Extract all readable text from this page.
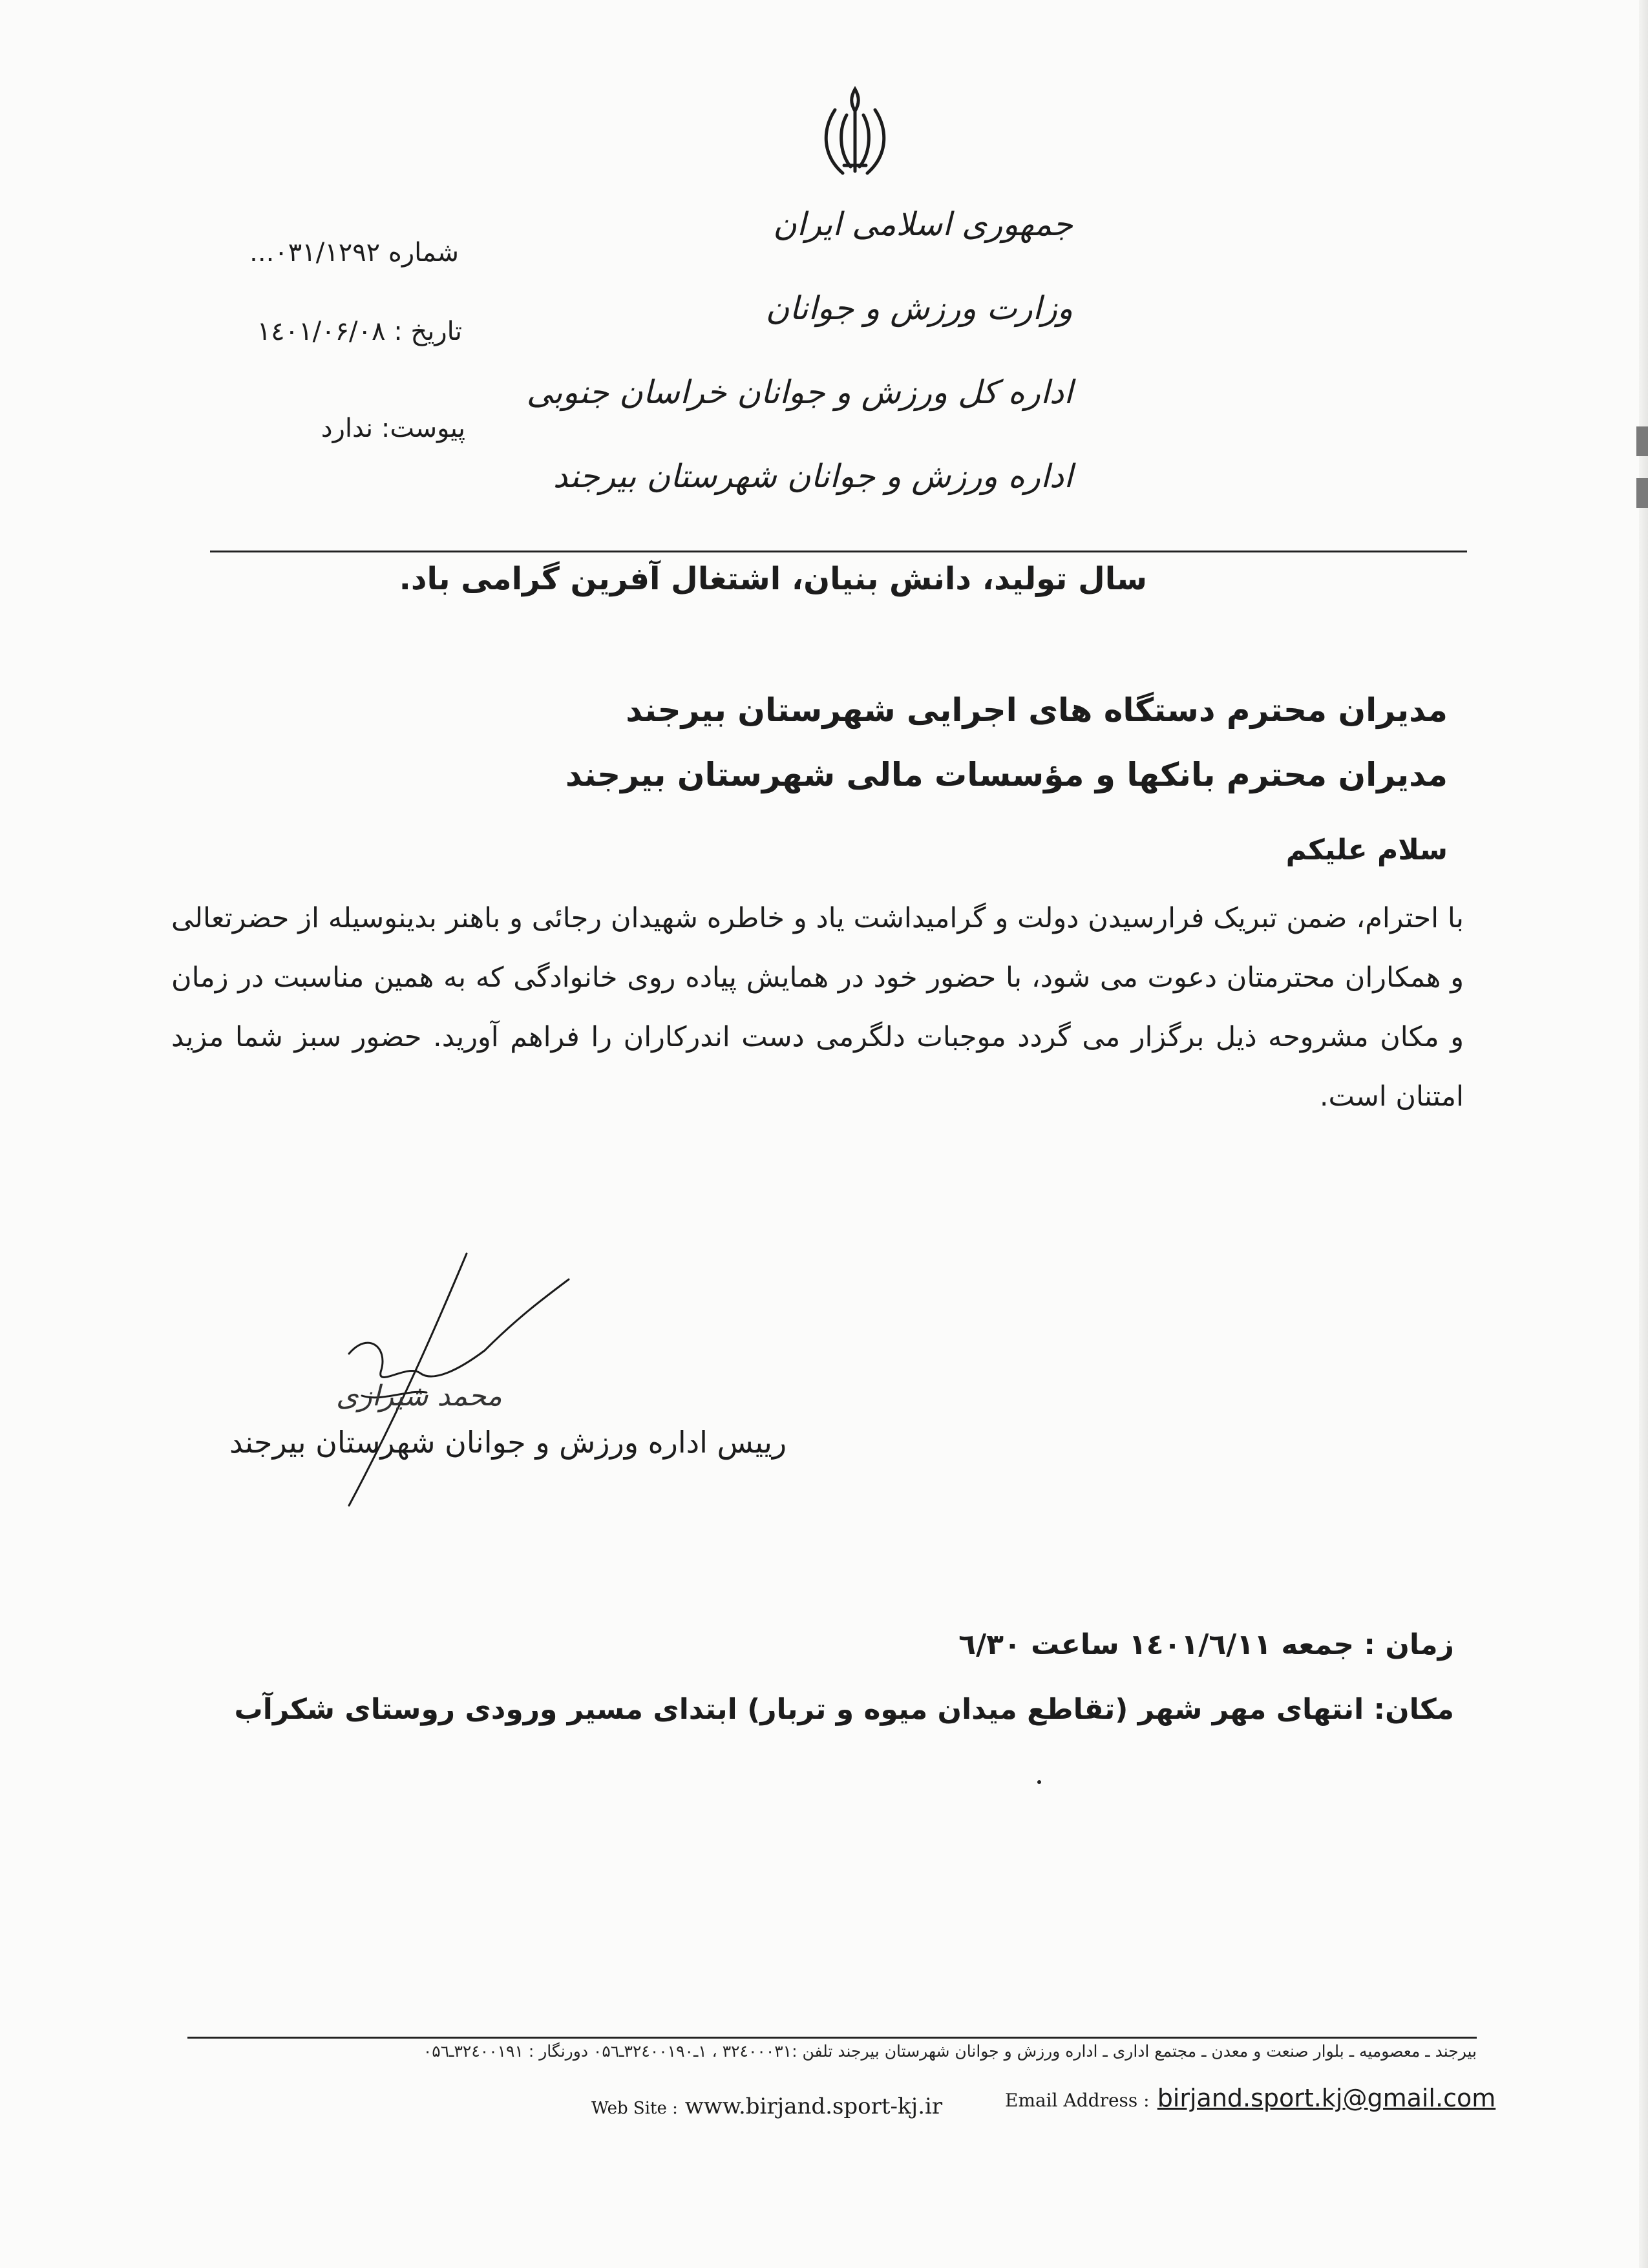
جمهوری اسلامی ایران
وزارت ورزش و جوانان
اداره کل ورزش و جوانان خراسان جنوبی
اداره ورزش و جوانان شهرستان بیرجند
شماره ۰۳۱/۱۲۹۲...
تاریخ : ۱٤۰۱/۰۶/۰۸
پیوست: ندارد
سال تولید، دانش بنیان، اشتغال آفرین گرامی باد.
مدیران محترم دستگاه های اجرایی شهرستان بیرجند
مدیران محترم بانکها و مؤسسات مالی شهرستان بیرجند
سلام علیکم
با احترام، ضمن تبریک فرارسیدن دولت و گرامیداشت یاد و خاطره شهیدان رجائی و باهنر بدینوسیله از حضرتعالی و همکاران محترمتان دعوت می شود، با حضور خود در همایش پیاده روی خانوادگی که به همین مناسبت در زمان و مکان مشروحه ذیل برگزار می گردد موجبات دلگرمی دست اندرکاران را فراهم آورید. حضور سبز شما مزید امتنان است.
محمد شیرازی
رییس اداره ورزش و جوانان شهرستان بیرجند
زمان : جمعه ۱٤۰۱/٦/۱۱ ساعت ٦/۳۰
مکان: انتهای مهر شهر (تقاطع میدان میوه و تربار) ابتدای مسیر ورودی روستای شکرآب
بیرجند ـ معصومیه ـ بلوار صنعت و معدن ـ مجتمع اداری ـ اداره ورزش و جوانان شهرستان بیرجند تلفن :۳۲٤۰۰۰۳۱ ، ۱ـ۳۲٤۰۰۱۹۰ـ۰۵٦ دورنگار : ۳۲٤۰۰۱۹۱ـ۰۵٦
Web Site : www.birjand.sport-kj.ir	Email Address : birjand.sport.kj@gmail.com
